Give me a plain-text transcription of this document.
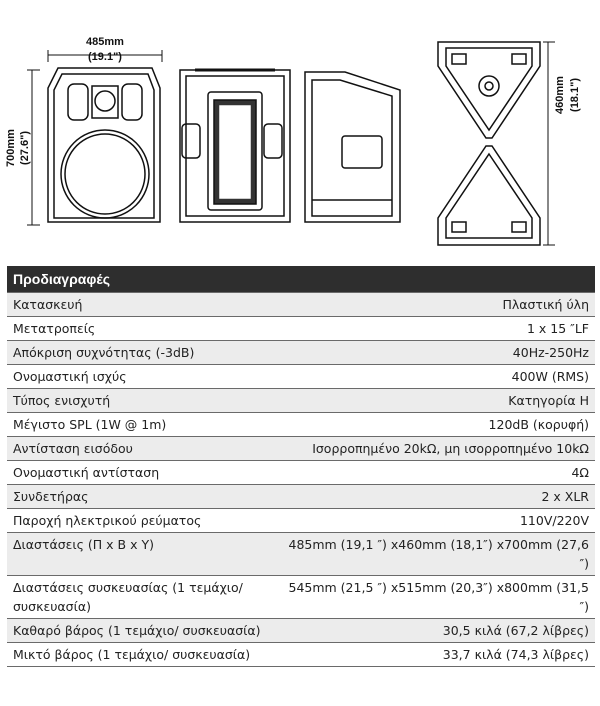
485mm
(19.1")
700mm (27.6")
460mm (18.1")
Προδιαγραφές	
Κατασκευή	Πλαστική ύλη
Μετατροπείς	1 x 15 ″LF
Απόκριση συχνότητας (-3dB)	40Hz-250Hz
Ονομαστική ισχύς	400W (RMS)
Τύπος ενισχυτή	Κατηγορία Η
Μέγιστο SPL (1W @ 1m)	120dB (κορυφή)
Αντίσταση εισόδου	Ισορροπημένο 20kΩ, μη ισορροπημένο 10kΩ
Ονομαστική αντίσταση	4Ω
Συνδετήρας	2 x XLR
Παροχή ηλεκτρικού ρεύματος	110V/220V
Διαστάσεις (Π x Β x Υ)	485mm (19,1 ″) x460mm (18,1″) x700mm (27,6 ″)
Διαστάσεις συσκευασίας (1 τεμάχιο/συσκευασία)	545mm (21,5 ″) x515mm (20,3″) x800mm (31,5 ″)
Καθαρό βάρος (1 τεμάχιο/ συσκευασία)	30,5 κιλά (67,2 λίβρες)
Μικτό βάρος (1 τεμάχιο/ συσκευασία)	33,7 κιλά (74,3 λίβρες)
